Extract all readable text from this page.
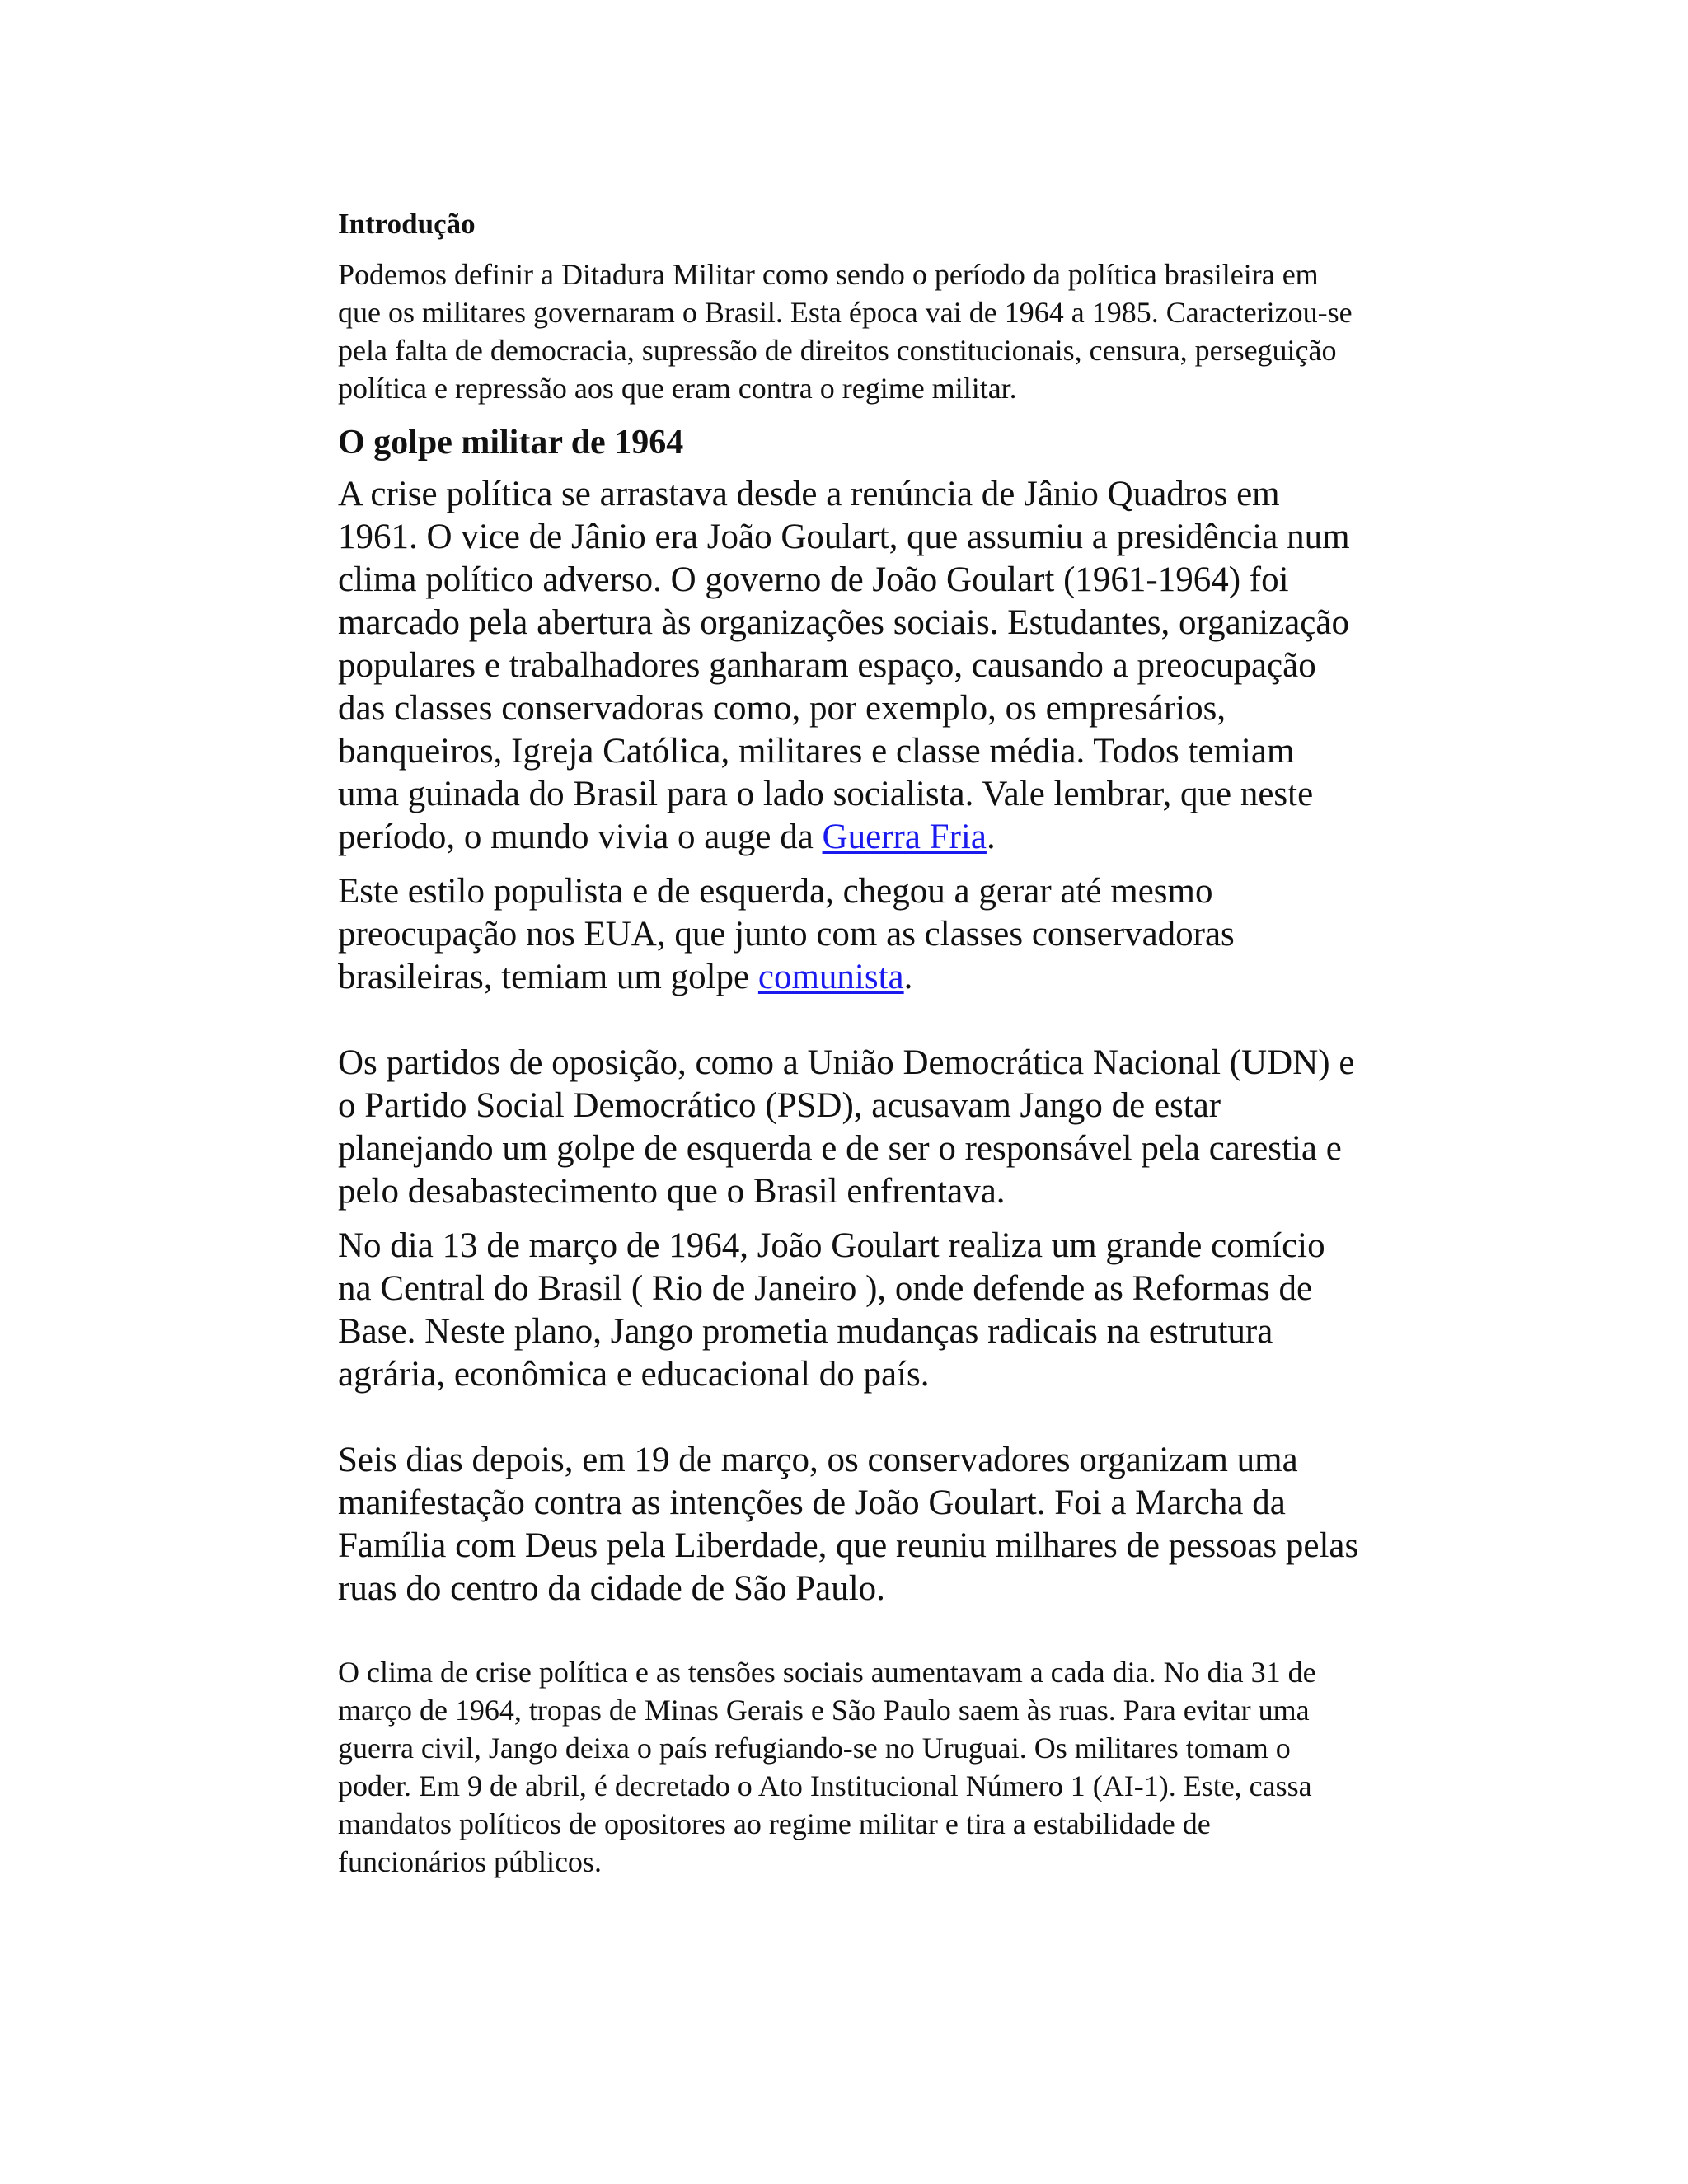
Introdução

Podemos definir a Ditadura Militar como sendo o período da política brasileira em que os militares governaram o Brasil. Esta época vai de 1964 a 1985. Caracterizou-se pela falta de democracia, supressão de direitos constitucionais, censura, perseguição política e repressão aos que eram contra o regime militar.

O golpe militar de 1964

A crise política se arrastava desde a renúncia de Jânio Quadros em 1961. O vice de Jânio era João Goulart, que assumiu a presidência num clima político adverso. O governo de João Goulart (1961-1964) foi marcado pela abertura às organizações sociais. Estudantes, organização populares e trabalhadores ganharam espaço, causando a preocupação das classes conservadoras como, por exemplo, os empresários, banqueiros, Igreja Católica, militares e classe média. Todos temiam uma guinada do Brasil para o lado socialista. Vale lembrar, que neste período, o mundo vivia o auge da Guerra Fria.

Este estilo populista e de esquerda, chegou a gerar até mesmo preocupação nos EUA, que junto com as classes conservadoras brasileiras, temiam um golpe comunista.

Os partidos de oposição, como a União Democrática Nacional (UDN) e o Partido Social Democrático (PSD), acusavam Jango de estar planejando um golpe de esquerda e de ser o responsável pela carestia e pelo desabastecimento que o Brasil enfrentava.

No dia 13 de março de 1964, João Goulart realiza um grande comício na Central do Brasil ( Rio de Janeiro ), onde defende as Reformas de Base. Neste plano, Jango prometia mudanças radicais na estrutura agrária, econômica e educacional do país.

Seis dias depois, em 19 de março, os conservadores organizam uma manifestação contra as intenções de João Goulart. Foi a Marcha da Família com Deus pela Liberdade, que reuniu milhares de pessoas pelas ruas do centro da cidade de São Paulo.

O clima de crise política e as tensões sociais aumentavam a cada dia. No dia 31 de março de 1964, tropas de Minas Gerais e São Paulo saem às ruas. Para evitar uma guerra civil, Jango deixa o país refugiando-se no Uruguai. Os militares tomam o poder. Em 9 de abril, é decretado o Ato Institucional Número 1 (AI-1). Este, cassa mandatos políticos de opositores ao regime militar e tira a estabilidade de funcionários públicos.
